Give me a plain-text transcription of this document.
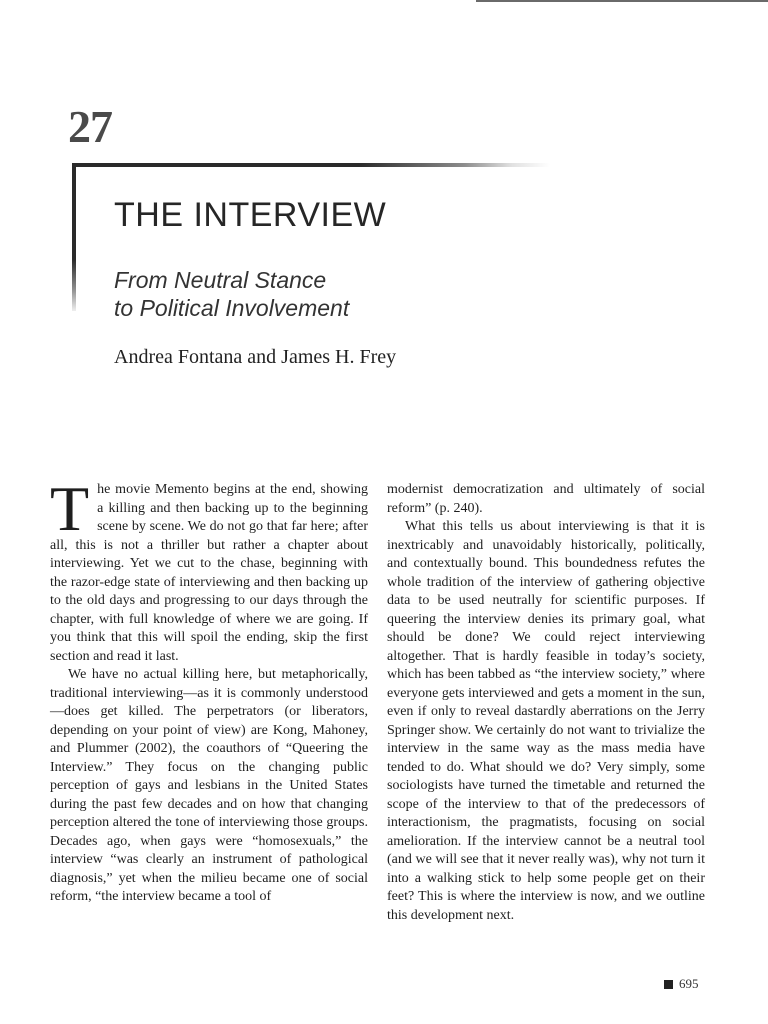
27
THE INTERVIEW
From Neutral Stance
to Political Involvement
Andrea Fontana and James H. Frey

The movie Memento begins at the end, showing a killing and then backing up to the beginning scene by scene. We do not go that far here; after all, this is not a thriller but rather a chapter about interviewing. Yet we cut to the chase, beginning with the razor-edge state of interviewing and then backing up to the old days and progressing to our days through the chapter, with full knowledge of where we are going. If you think that this will spoil the ending, skip the first section and read it last.

We have no actual killing here, but metaphorically, traditional interviewing—as it is commonly understood—does get killed. The perpetrators (or liberators, depending on your point of view) are Kong, Mahoney, and Plummer (2002), the coauthors of “Queering the Interview.” They focus on the changing public perception of gays and lesbians in the United States during the past few decades and on how that changing perception altered the tone of interviewing those groups. Decades ago, when gays were “homosexuals,” the interview “was clearly an instrument of pathological diagnosis,” yet when the milieu became one of social reform, “the interview became a tool of

modernist democratization and ultimately of social reform” (p. 240).

What this tells us about interviewing is that it is inextricably and unavoidably historically, politically, and contextually bound. This boundedness refutes the whole tradition of the interview of gathering objective data to be used neutrally for scientific purposes. If queering the interview denies its primary goal, what should be done? We could reject interviewing altogether. That is hardly feasible in today’s society, which has been tabbed as “the interview society,” where everyone gets interviewed and gets a moment in the sun, even if only to reveal dastardly aberrations on the Jerry Springer show. We certainly do not want to trivialize the interview in the same way as the mass media have tended to do. What should we do? Very simply, some sociologists have turned the timetable and returned the scope of the interview to that of the predecessors of interactionism, the pragmatists, focusing on social amelioration. If the interview cannot be a neutral tool (and we will see that it never really was), why not turn it into a walking stick to help some people get on their feet? This is where the interview is now, and we outline this development next.

695
